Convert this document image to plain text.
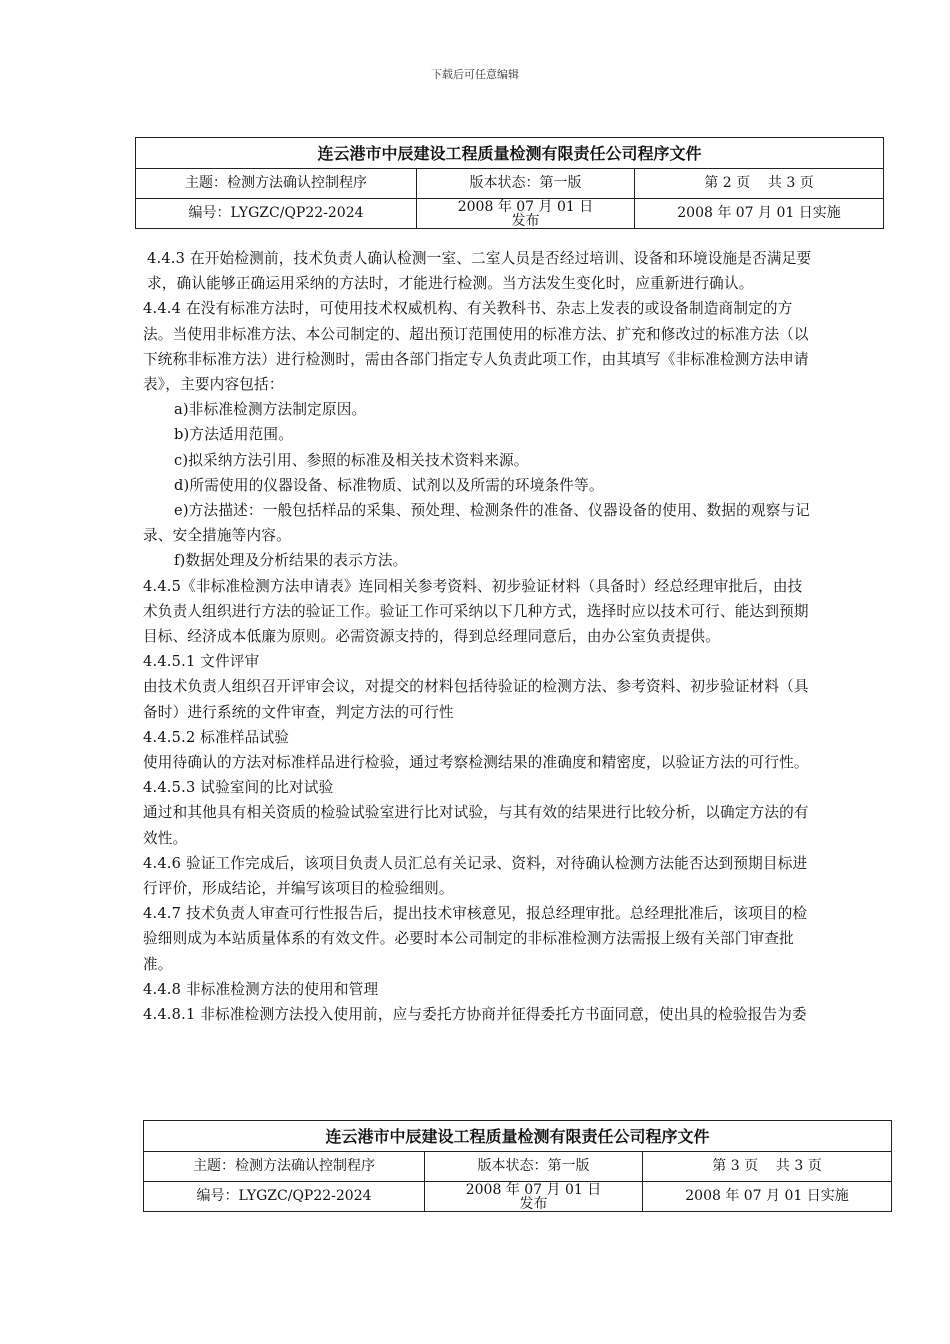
下载后可任意编辑
连云港市中辰建设工程质量检测有限责任公司程序文件		
主题：检测方法确认控制程序	版本状态：第一版	第 2 页    共 3 页
编号：LYGZC/QP22-2024	2008 年 07 月 01 日发布	2008 年 07 月 01 日实施

4.4.3 在开始检测前，技术负责人确认检测一室、二室人员是否经过培训、设备和环境设施是否满足要求，确认能够正确运用采纳的方法时，才能进行检测。当方法发生变化时，应重新进行确认。

4.4.4 在没有标准方法时，可使用技术权威机构、有关教科书、杂志上发表的或设备制造商制定的方法。当使用非标准方法、本公司制定的、超出预订范围使用的标准方法、扩充和修改过的标准方法（以下统称非标准方法）进行检测时，需由各部门指定专人负责此项工作，由其填写《非标准检测方法申请表》，主要内容包括：

a)非标准检测方法制定原因。

b)方法适用范围。

c)拟采纳方法引用、参照的标准及相关技术资料来源。

d)所需使用的仪器设备、标准物质、试剂以及所需的环境条件等。

e)方法描述：一般包括样品的采集、预处理、检测条件的准备、仪器设备的使用、数据的观察与记录、安全措施等内容。

f)数据处理及分析结果的表示方法。

4.4.5《非标准检测方法申请表》连同相关参考资料、初步验证材料（具备时）经总经理审批后，由技术负责人组织进行方法的验证工作。验证工作可采纳以下几种方式，选择时应以技术可行、能达到预期目标、经济成本低廉为原则。必需资源支持的，得到总经理同意后，由办公室负责提供。

4.4.5.1 文件评审

由技术负责人组织召开评审会议，对提交的材料包括待验证的检测方法、参考资料、初步验证材料（具备时）进行系统的文件审查，判定方法的可行性

4.4.5.2 标准样品试验

使用待确认的方法对标准样品进行检验，通过考察检测结果的准确度和精密度，以验证方法的可行性。

4.4.5.3 试验室间的比对试验

通过和其他具有相关资质的检验试验室进行比对试验，与其有效的结果进行比较分析，以确定方法的有效性。

4.4.6 验证工作完成后，该项目负责人员汇总有关记录、资料，对待确认检测方法能否达到预期目标进行评价，形成结论，并编写该项目的检验细则。

4.4.7 技术负责人审查可行性报告后，提出技术审核意见，报总经理审批。总经理批准后，该项目的检验细则成为本站质量体系的有效文件。必要时本公司制定的非标准检测方法需报上级有关部门审查批准。

4.4.8 非标准检测方法的使用和管理

4.4.8.1 非标准检测方法投入使用前，应与委托方协商并征得委托方书面同意，使出具的检验报告为委

连云港市中辰建设工程质量检测有限责任公司程序文件		
主题：检测方法确认控制程序	版本状态：第一版	第 3 页    共 3 页
编号：LYGZC/QP22-2024	2008 年 07 月 01 日发布	2008 年 07 月 01 日实施
